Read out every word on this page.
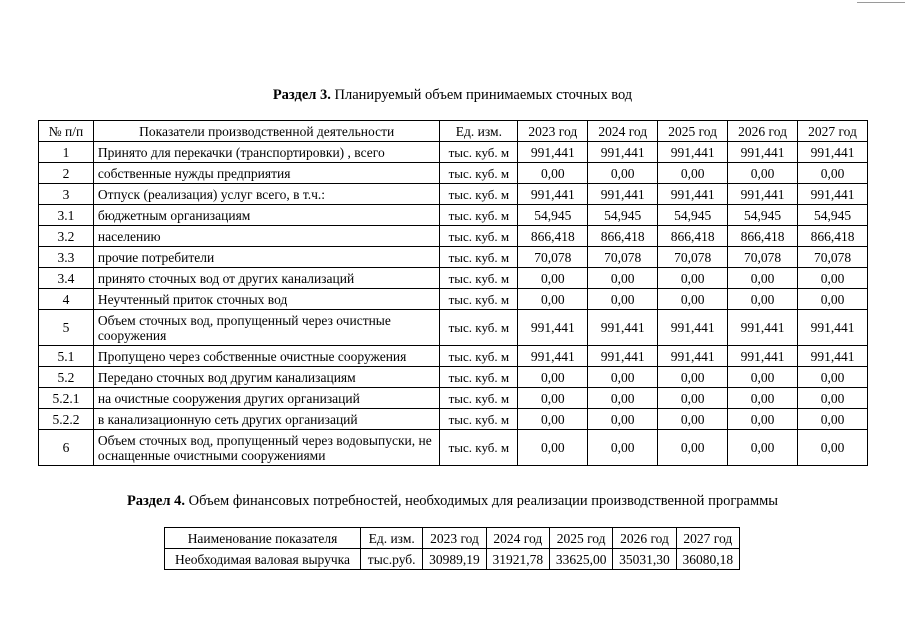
Раздел 3. Планируемый объем принимаемых сточных вод
№ п/п	Показатели производственной деятельности	Ед. изм.	2023 год	2024 год	2025 год	2026 год	2027 год
1	Принято для перекачки (транспортировки) , всего	тыс. куб. м	991,441	991,441	991,441	991,441	991,441
2	собственные нужды предприятия	тыс. куб. м	0,00	0,00	0,00	0,00	0,00
3	Отпуск (реализация) услуг всего, в т.ч.:	тыс. куб. м	991,441	991,441	991,441	991,441	991,441
3.1	бюджетным организациям	тыс. куб. м	54,945	54,945	54,945	54,945	54,945
3.2	населению	тыс. куб. м	866,418	866,418	866,418	866,418	866,418
3.3	прочие потребители	тыс. куб. м	70,078	70,078	70,078	70,078	70,078
3.4	принято сточных вод от других канализаций	тыс. куб. м	0,00	0,00	0,00	0,00	0,00
4	Неучтенный приток сточных вод	тыс. куб. м	0,00	0,00	0,00	0,00	0,00
5	Объем сточных вод, пропущенный через очистные сооружения	тыс. куб. м	991,441	991,441	991,441	991,441	991,441
5.1	Пропущено через собственные очистные сооружения	тыс. куб. м	991,441	991,441	991,441	991,441	991,441
5.2	Передано сточных вод другим канализациям	тыс. куб. м	0,00	0,00	0,00	0,00	0,00
5.2.1	на очистные сооружения других организаций	тыс. куб. м	0,00	0,00	0,00	0,00	0,00
5.2.2	в канализационную сеть других организаций	тыс. куб. м	0,00	0,00	0,00	0,00	0,00
6	Объем сточных вод, пропущенный через водовыпуски, не оснащенные очистными сооружениями	тыс. куб. м	0,00	0,00	0,00	0,00	0,00
Раздел 4. Объем финансовых потребностей, необходимых для реализации производственной программы
Наименование показателя	Ед. изм.	2023 год	2024 год	2025 год	2026 год	2027 год
Необходимая валовая выручка	тыс.руб.	30989,19	31921,78	33625,00	35031,30	36080,18
